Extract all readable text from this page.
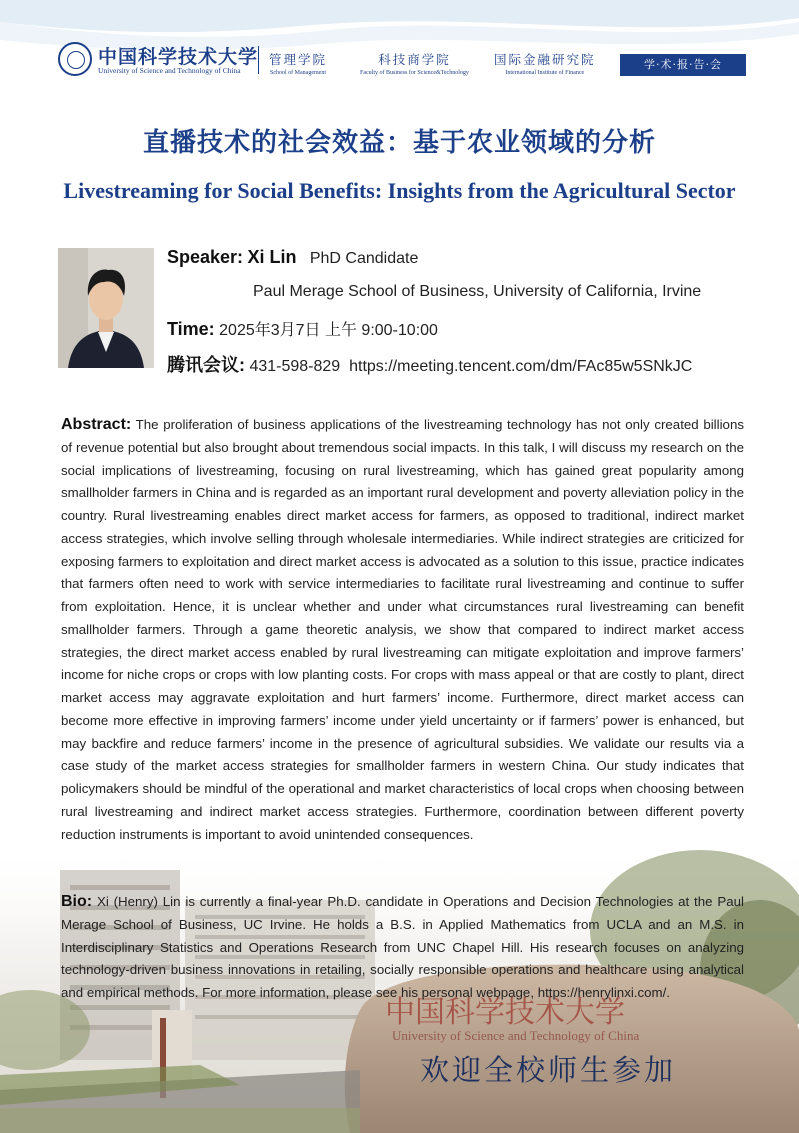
中国科学技术大学
University of Science and Technology of China
中国科学技术大学
University of Science and Technology of China
管理学院
School of Management
科技商学院
Faculty of Business for Science&Technology
国际金融研究院
International Institute of Finance
学·术·报·告·会
直播技术的社会效益：基于农业领域的分析
Livestreaming for Social Benefits: Insights from the Agricultural Sector
Speaker: Xi Lin PhD Candidate
Paul Merage School of Business, University of California, Irvine
Time: 2025年3月7日 上午 9:00-10:00
腾讯会议: 431-598-829 https://meeting.tencent.com/dm/FAc85w5SNkJC
Abstract: The proliferation of business applications of the livestreaming technology has not only created billions of revenue potential but also brought about tremendous social impacts. In this talk, I will discuss my research on the social implications of livestreaming, focusing on rural livestreaming, which has gained great popularity among smallholder farmers in China and is regarded as an important rural development and poverty alleviation policy in the country. Rural livestreaming enables direct market access for farmers, as opposed to traditional, indirect market access strategies, which involve selling through wholesale intermediaries. While indirect strategies are criticized for exposing farmers to exploitation and direct market access is advocated as a solution to this issue, practice indicates that farmers often need to work with service intermediaries to facilitate rural livestreaming and continue to suffer from exploitation. Hence, it is unclear whether and under what circumstances rural livestreaming can benefit smallholder farmers. Through a game theoretic analysis, we show that compared to indirect market access strategies, the direct market access enabled by rural livestreaming can mitigate exploitation and improve farmers’ income for niche crops or crops with low planting costs. For crops with mass appeal or that are costly to plant, direct market access may aggravate exploitation and hurt farmers’ income. Furthermore, direct market access can become more effective in improving farmers’ income under yield uncertainty or if farmers’ power is enhanced, but may backfire and reduce farmers’ income in the presence of agricultural subsidies. We validate our results via a case study of the market access strategies for smallholder farmers in western China. Our study indicates that policymakers should be mindful of the operational and market characteristics of local crops when choosing between rural livestreaming and indirect market access strategies. Furthermore, coordination between different poverty reduction instruments is important to avoid unintended consequences.
Bio: Xi (Henry) Lin is currently a final-year Ph.D. candidate in Operations and Decision Technologies at the Paul Merage School of Business, UC Irvine. He holds a B.S. in Applied Mathematics from UCLA and an M.S. in Interdisciplinary Statistics and Operations Research from UNC Chapel Hill. His research focuses on analyzing technology-driven business innovations in retailing, socially responsible operations and healthcare using analytical and empirical methods. For more information, please see his personal webpage, https://henrylinxi.com/.
欢迎全校师生参加
